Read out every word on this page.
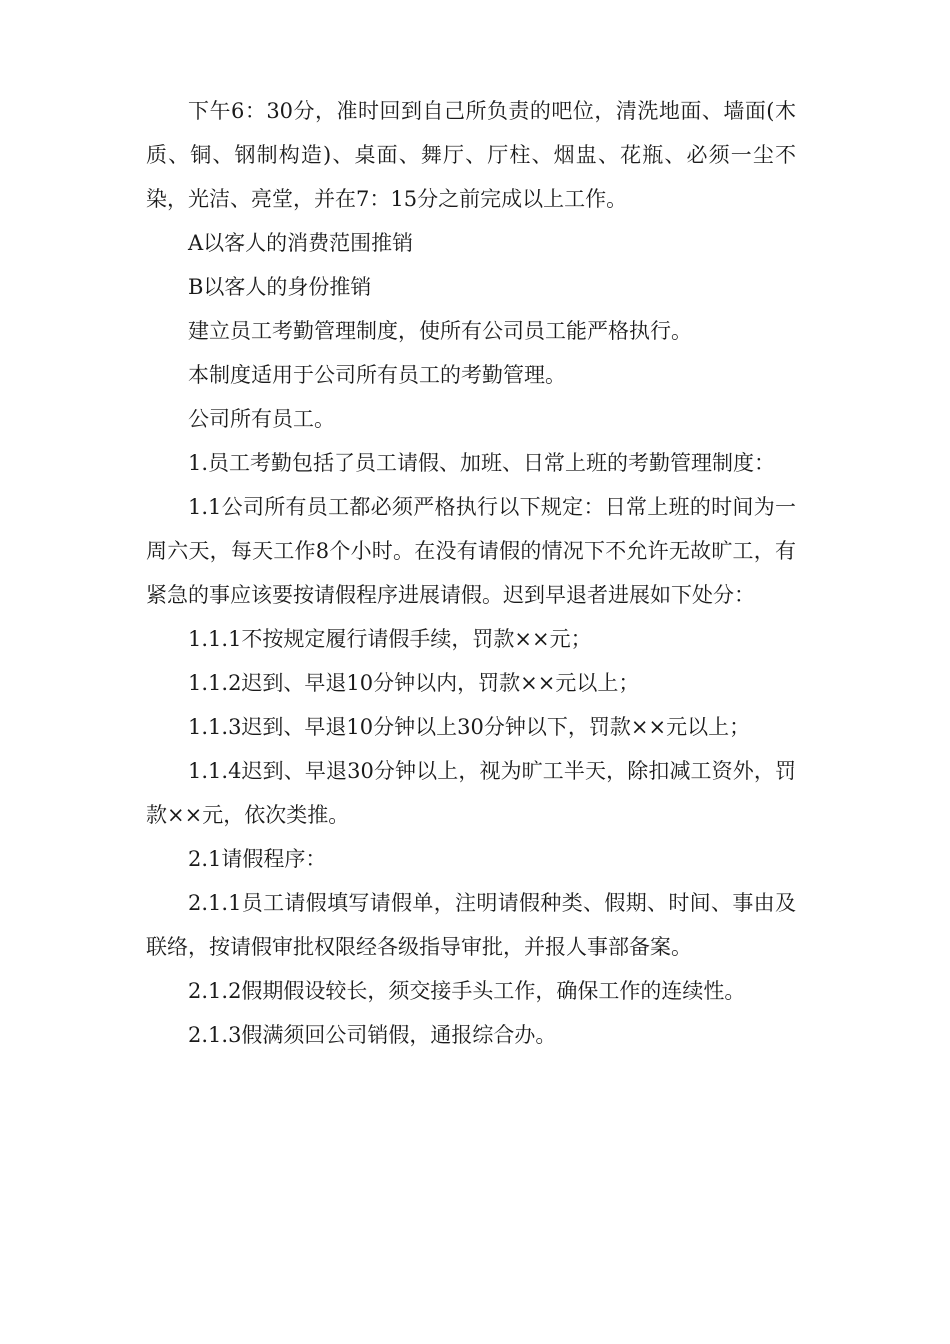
下午6：30分，准时回到自己所负责的吧位，清洗地面、墙面(木质、铜、钢制构造)、桌面、舞厅、厅柱、烟盅、花瓶、必须一尘不染，光洁、亮堂，并在7：15分之前完成以上工作。

A以客人的消费范围推销

B以客人的身份推销

建立员工考勤管理制度，使所有公司员工能严格执行。

本制度适用于公司所有员工的考勤管理。

公司所有员工。

1.员工考勤包括了员工请假、加班、日常上班的考勤管理制度：

1.1公司所有员工都必须严格执行以下规定：日常上班的时间为一周六天，每天工作8个小时。在没有请假的情况下不允许无故旷工，有紧急的事应该要按请假程序进展请假。迟到早退者进展如下处分：

1.1.1不按规定履行请假手续，罚款××元；

1.1.2迟到、早退10分钟以内，罚款××元以上；

1.1.3迟到、早退10分钟以上30分钟以下，罚款××元以上；

1.1.4迟到、早退30分钟以上，视为旷工半天，除扣减工资外，罚款××元，依次类推。

2.1请假程序：

2.1.1员工请假填写请假单，注明请假种类、假期、时间、事由及联络，按请假审批权限经各级指导审批，并报人事部备案。

2.1.2假期假设较长，须交接手头工作，确保工作的连续性。

2.1.3假满须回公司销假，通报综合办。
